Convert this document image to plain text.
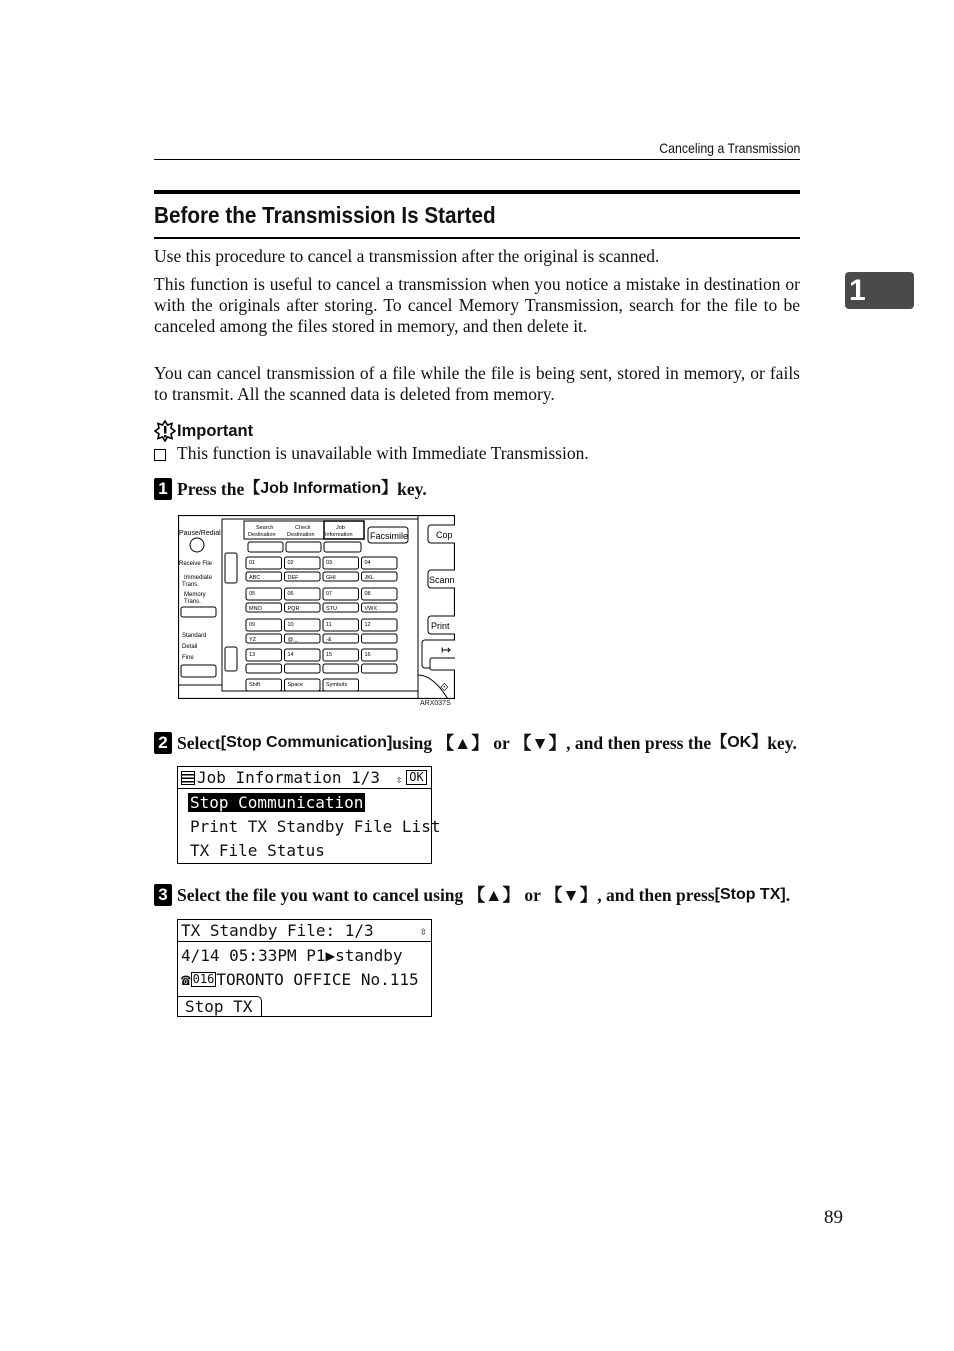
Canceling a Transmission
Before the Transmission Is Started
1

Use this procedure to cancel a transmission after the original is scanned.

This function is useful to cancel a transmission when you notice a mistake in destination or with the originals after storing. To cancel Memory Transmission, search for the file to be canceled among the files stored in memory, and then delete it.

You can cancel transmission of a file while the file is being sent, stored in memory, or fails to transmit. All the scanned data is deleted from memory.

Important
This function is unavailable with Immediate Transmission.
1 Press the 【Job Information】 key.
Pause/Redial
Receive File
Immediate
Trans.
Memory
Trans.
Standard
Detail
Fine
Search
Destination
Check
Destination
Job
Information Facsimile
01	02	03	04
ABC	DEF	GHI	JKL
05	06	07	08
MNO	PQR	STU	VWX
09	10	11	12
YZ	@._	-&
13	14	15	16
Shift	Space	Symbols
Cop
Scann
Print
↦
⟐
ARX037S
2 Select [Stop Communication] using 【▲】 or 【▼】, and then press the 【OK】 key.
Job Information 1/3 ⇳ OK
Stop Communication
Print TX Standby File List
TX File Status
3 Select the file you want to cancel using 【▲】 or 【▼】, and then press [Stop TX] .
TX Standby File: 1/3	⇳
4/14 05:33PM P1▶standby
☎ 016 TORONTO OFFICE No.115
Stop TX
89
